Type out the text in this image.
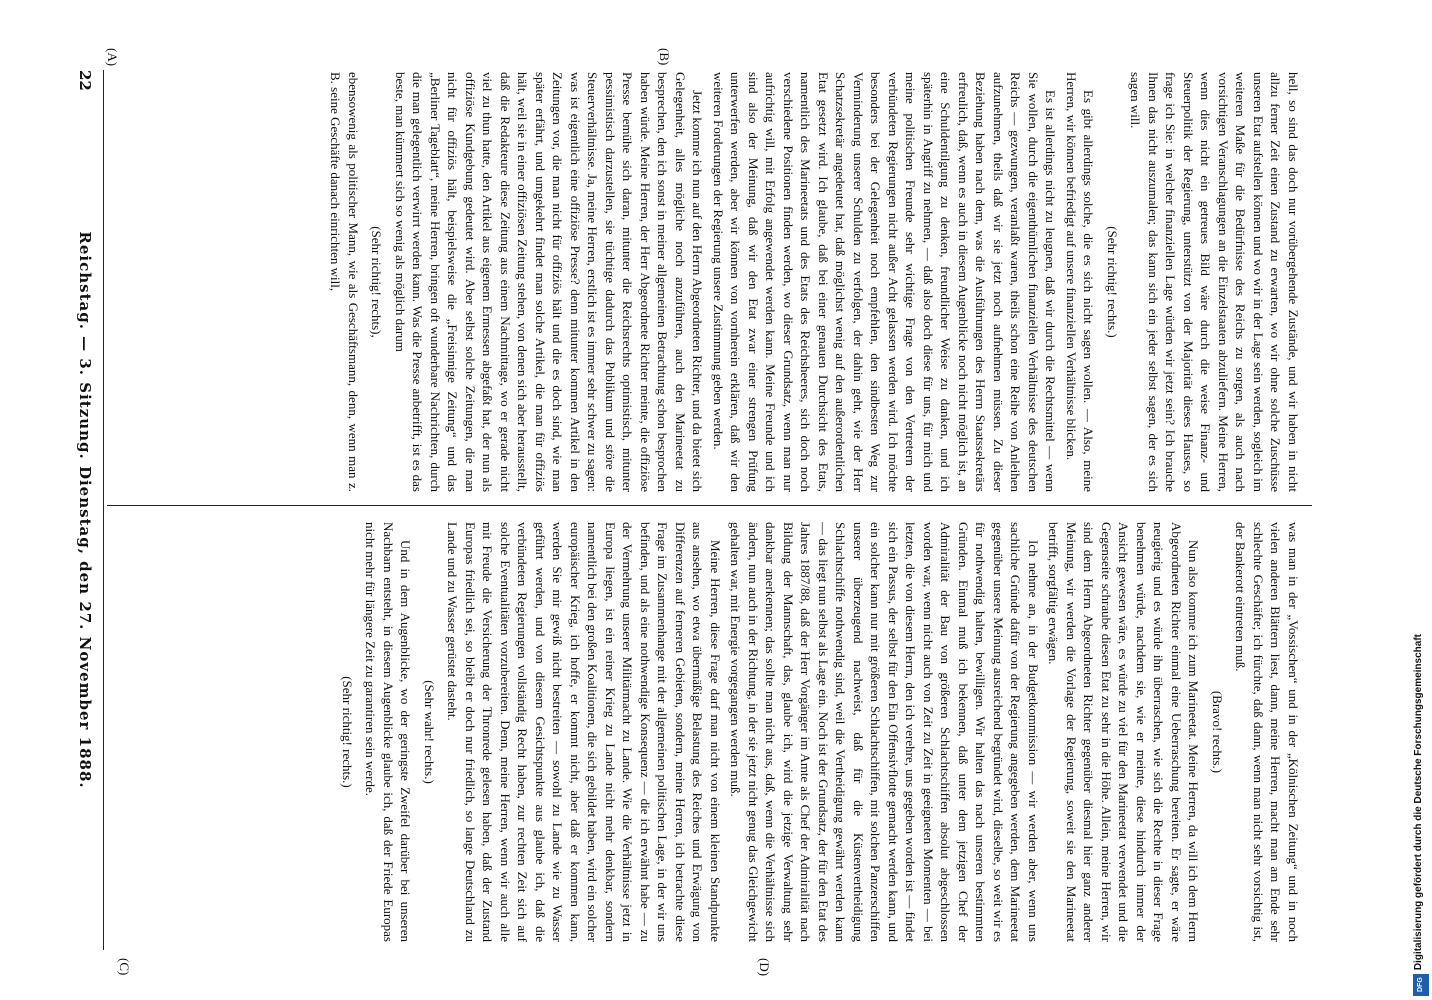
22
Reichstag. — 3. Sitzung. Dienstag, den 27. November 1888.
(A)	(B)
(C)	(D)

hell, so sind das doch nur vorübergehende Zustände, und wir haben in nicht allzu ferner Zeit einen Zustand zu erwarten, wo wir ohne solche Zuschüsse unseren Etat aufstellen können und wo wir in der Lage sein werden, sogleich im weiteren Maße für die Bedürfnisse des Reichs zu sorgen, als auch nach vorsichtigen Veranschlagungen an die Einzelstaaten abzuliefern. Meine Herren, wenn dies nicht ein getreues Bild wäre durch die weise Finanz- und Steuerpolitik der Regierung, unterstützt von der Majorität dieses Hauses, so frage ich Sie: in welcher finanziellen Lage würden wir jetzt sein? Ich brauche Ihnen das nicht auszumalen; das kann sich ein jeder selbst sagen, der es sich sagen will.

(Sehr richtig! rechts.)

Es gibt allerdings solche, die es sich nicht sagen wollen. — Also, meine Herren, wir können befriedigt auf unsere finanziellen Verhältnisse blicken.

Es ist allerdings nicht zu leugnen, daß wir durch die Rechtsmittel — wenn Sie wollen, durch die eigenthümlichen finanziellen Verhältnisse des deutschen Reichs — gezwungen, veranlaßt waren, theils schon eine Reihe von Anleihen aufzunehmen, theils daß wir sie jetzt noch aufnehmen müssen. Zu dieser Beziehung haben nach dem, was die Ausführungen des Herrn Staatssekretärs erfreulich, daß, wenn es auch in diesem Augenblicke noch nicht möglich ist, an eine Schuldentilgung zu denken, freundlicher Weise zu danken, und ich späterhin in Angriff zu nehmen, — daß also doch diese für uns, für mich und meine politischen Freunde sehr wichtige Frage von den Vertretern der verbündeten Regierungen nicht außer Acht gelassen werden wird. Ich möchte besonders bei der Gelegenheit noch empfehlen, den sindbesten Weg zur Verminderung unserer Schulden zu verfolgen, der dahin geht, wie der Herr Schatzsekretär angedeutet hat, daß möglichst wenig auf den außerordentlichen Etat gesetzt wird. Ich glaube, daß bei einer genauen Durchsicht des Etats, namentlich des Marineetats und des Etats des Reichsheeres, sich doch noch verschiedene Positionen finden werden, wo dieser Grundsatz, wenn man nur aufrichtig will, mit Erfolg angewendet werden kann. Meine Freunde und ich sind also der Meinung, daß wir den Etat zwar einer strengen Prüfung unterwerfen werden, aber wir können von vornherein erklären, daß wir den weiteren Forderungen der Regierung unsere Zustimmung geben werden.

Jetzt komme ich nun auf den Herrn Abgeordneten Richter, und da bietet sich Gelegenheit, alles mögliche noch anzuführen, auch den Marineetat zu besprechen, den ich sonst in meiner allgemeinen Betrachtung schon besprochen haben würde. Meine Herren, der Herr Abgeordnete Richter meinte, die offiziöse Presse bemühe sich daran, mitunter die Reichsrechts optimistisch, mitunter pessimistisch darzustellen, sie tüchtige dadurch das Publikum und störe die Steuerverhältnisse. Ja, meine Herren, erstlich ist es immer sehr schwer zu sagen: was ist eigentlich eine offiziöse Presse? denn mitunter kommen Artikel in den Zeitungen vor, die man nicht für offiziös hält und die es doch sind, wie man später erfährt, und umgekehrt findet man solche Artikel, die man für offiziös hält, weil sie in einer offiziösen Zeitung stehen, von denen sich aber herausstellt, daß die Redakteure diese Zeitung aus einem Nachmittage, wo er gerade nicht viel zu thun hatte, den Artikel aus eigenem Ermessen abgefaßt hat, der nun als offiziöse Kundgebung gedeutet wird. Aber selbst solche Zeitungen, die man nicht für offiziös hält, beispielsweise die „Freisinnige Zeitung“ und das „Berliner Tageblatt“, meine Herren, bringen oft wunderbare Nachrichten, durch die man gelegentlich verwirrt werden kann. Was die Presse anbetrifft, ist es das beste, man kümmert sich so wenig als möglich darum

(Sehr richtig! rechts),

ebensowenig als politischer Mann, wie als Geschäftsmann, denn, wenn man z. B. seine Geschäfte danach einrichten will,

was man in der „Vossischen“ und in der „Kölnischen Zeitung“ und in noch vielen anderen Blättern liest, dann, meine Herren, macht man am Ende sehr schlechte Geschäfte; ich fürchte, daß dann, wenn man nicht sehr vorsichtig ist, der Bankerott eintreten muß.

(Bravo! rechts.)

Nun also komme ich zum Marineetat. Meine Herren, da will ich dem Herrn Abgeordneten Richter einmal eine Ueberraschung bereiten. Er sagte, er wäre neugierig und es würde ihn überraschen, wie sich die Rechte in dieser Frage benehmen würde, nachdem sie, wie er meinte, diese hindurch immer der Ansicht gewesen wäre, es würde zu viel für den Marineetat verwendet und die Gegenseite schraube diesen Etat zu sehr in die Höhe. Allein, meine Herren, wir sind dem Herrn Abgeordneten Richter gegenüber diesmal hier ganz anderer Meinung, wir werden die Vorlage der Regierung, soweit sie den Marineetat betrifft, sorgfältig erwägen.

Ich nehme an, in der Budgetkommission — wir werden aber, wenn uns sachliche Gründe dafür von der Regierung angegeben werden, dem Marineetat gegenüber unsere Meinung ausreichend begründet wird, dieselbe, so weit wir es für nothwendig halten, bewilligen. Wir halten das nach unseren bestimmten Gründen. Einmal muß ich bekennen, daß unter dem jetzigen Chef der Admiralität der Bau von größeren Schlachtschiffen absolut abgeschlossen worden war, wenn nicht auch von Zeit zu Zeit in geeigneten Momenten — bei letzten, die von diesem Herrn, den ich verehre, uns gegeben worden ist — findet sich ein Passus, der selbst für den Ein Offensivflotte gemacht werden kann, und ein solcher kann nur mit größeren Schlachtschiffen, mit solchen Panzerschiffen unserer überzeugend nachweist, daß für die Küstenvertheidigung Schlachtschiffe nothwendig sind, weil die Vertheidigung gewährt werden kann — das liegt nun selbst als Lage ein. Noch ist der Grundsatz, der für den Etat des Jahres 1887/88, daß der Herr Vorgänger im Amte als Chef der Admiralität nach Bildung der Mannschaft, das, glaube ich, wird die jetzige Verwaltung sehr dankbar anerkennen; das sollte man nicht aus, daß, wenn die Verhältnisse sich ändern, nun auch in der Richtung, in der sie jetzt nicht genug das Gleichgewicht gehalten war, mit Energie vorgegangen werden muß.

Meine Herren, diese Frage darf man nicht von einem kleinen Standpunkte aus ansehen, wo etwa übermäßige Belastung des Reiches und Erwägung von Differenzen auf ferneren Gebieten, sondern, meine Herren, ich betrachte diese Frage im Zusammenhange mit der allgemeinen politischen Lage, in der wir uns befinden, und als eine nothwendige Konsequenz — die ich erwähnt habe — zu der Vermehrung unserer Militärmacht zu Lande. Wie die Verhältnisse jetzt in Europa liegen, ist ein reiner Krieg zu Lande nicht mehr denkbar, sondern namentlich bei den großen Koalitionen, die sich gebildet haben, wird ein solcher europäischer Krieg, ich hoffe, er kommt nicht, aber daß er kommen kann, werden Sie mir gewiß nicht bestreiten — sowohl zu Lande wie zu Wasser geführt werden, und von diesem Gesichtspunkte aus glaube ich, daß die verbündeten Regierungen vollständig Recht haben, zur rechten Zeit sich auf solche Eventualitäten vorzubereiten. Denn, meine Herren, wenn wir auch alle mit Freude die Versicherung der Thronrede gelesen haben, daß der Zustand Europas friedlich sei, so bleibt er doch nur friedlich, so lange Deutschland zu Lande und zu Wasser gerüstet dasteht.

(Sehr wahr! rechts.)

Und in dem Augenblicke, wo der geringste Zweifel darüber bei unseren Nachbarn entsteht, in diesem Augenblicke glaube ich, daß der Friede Europas nicht mehr für längere Zeit zu garantiren sein werde.

(Sehr richtig! rechts.)	Digitalisierung gefördert durch die Deutsche Forschungsgemeinschaft
DFG
